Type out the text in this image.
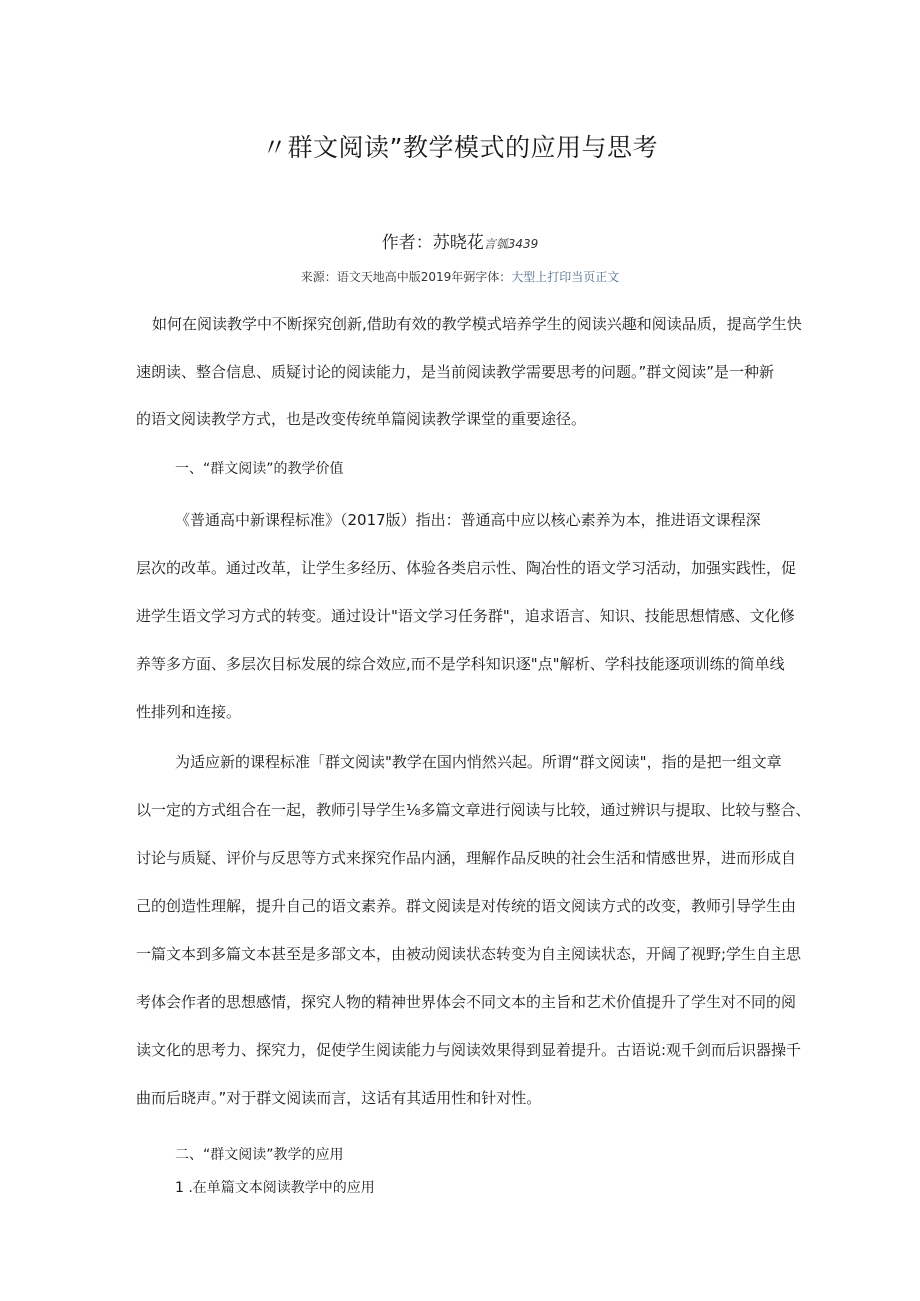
〃群文阅读”教学模式的应用与思考
作者：苏晓花言瓠3439
来源：语文天地高中版2019年弼字体：大型上打印当页正文
如何在阅读教学中不断探究创新,借助有效的教学模式培养学生的阅读兴趣和阅读品质，提高学生快
速朗读、整合信息、质疑讨论的阅读能力，是当前阅读教学需要思考的问题。”群文阅读”是一种新
的语文阅读教学方式，也是改变传统单篇阅读教学课堂的重要途径。
一、“群文阅读”的教学价值
《普通高中新课程标准》（2017版）指出：普通高中应以核心素养为本，推进语文课程深
层次的改革。通过改革，让学生多经历、体验各类启示性、陶冶性的语文学习活动，加强实践性，促
进学生语文学习方式的转变。通过设计"语文学习任务群"，追求语言、知识、技能思想情感、文化修
养等多方面、多层次目标发展的综合效应,而不是学科知识逐"点"解析、学科技能逐项训练的简单线
性排列和连接。
为适应新的课程标准「群文阅读"教学在国内悄然兴起。所谓“群文阅读"，指的是把一组文章
以一定的方式组合在一起，教师引导学生⅛多篇文章进行阅读与比较，通过辨识与提取、比较与整合、
讨论与质疑、评价与反思等方式来探究作品内涵，理解作品反映的社会生活和情感世界，进而形成自
己的创造性理解，提升自己的语文素养。群文阅读是对传统的语文阅读方式的改变，教师引导学生由
一篇文本到多篇文本甚至是多部文本，由被动阅读状态转变为自主阅读状态，开阔了视野;学生自主思
考体会作者的思想感情，探究人物的精神世界体会不同文本的主旨和艺术价值提升了学生对不同的阅
读文化的思考力、探究力，促使学生阅读能力与阅读效果得到显着提升。古语说:观千剑而后识器操千
曲而后晓声。”对于群文阅读而言，这话有其适用性和针对性。
二、“群文阅读”教学的应用
1 .在单篇文本阅读教学中的应用
